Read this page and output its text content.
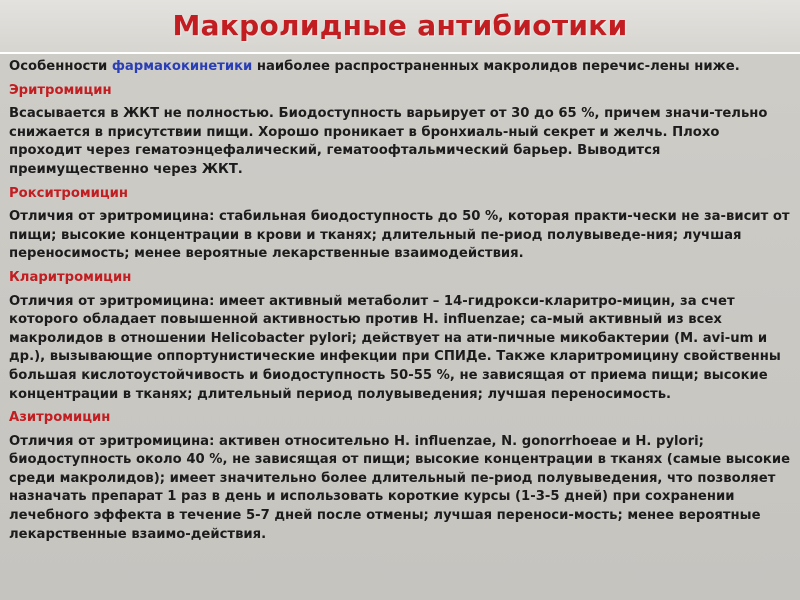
Макролидные антибиотики

Особенности фармакокинетики наиболее распространенных макролидов перечис-лены ниже.

Эритромицин

Всасывается в ЖКТ не полностью. Биодоступность варьирует от 30 до 65 %, причем значи-тельно снижается в присутствии пищи. Хорошо проникает в бронхиаль-ный секрет и желчь. Плохо проходит через гематоэнцефалический, гематоофтальмический барьер. Выводится преимущественно через ЖКТ.

Рокситромицин

Отличия от эритромицина: стабильная биодоступность до 50 %, которая практи-чески не за-висит от пищи; высокие концентрации в крови и тканях; длительный пе-риод полувыведе-ния; лучшая переносимость; менее вероятные лекарственные взаимодействия.

Кларитромицин

Отличия от эритромицина: имеет активный метаболит – 14-гидрокси-кларитро-мицин, за счет которого обладает повышенной активностью против H. influenzae; са-мый активный из всех макролидов в отношении Helicobacter pylori; действует на ати-пичные микобактерии (M. avi-um и др.), вызывающие оппортунистические инфекции при СПИДе. Также кларитромицину свойственны большая кислотоустойчивость и биодоступность 50-55 %, не зависящая от приема пищи; высокие концентрации в тканях; длительный период полувыведения; лучшая переносимость.

Азитромицин

Отличия от эритромицина: активен относительно H. influenzae, N. gonorrhoeae и H. pylori; биодоступность около 40 %, не зависящая от пищи; высокие концентрации в тканях (самые высокие среди макролидов); имеет значительно более длительный пе-риод полувыведения, что позволяет назначать препарат 1 раз в день и использовать короткие курсы (1-3-5 дней) при сохранении лечебного эффекта в течение 5-7 дней после отмены; лучшая переноси-мость; менее вероятные лекарственные взаимо-действия.
